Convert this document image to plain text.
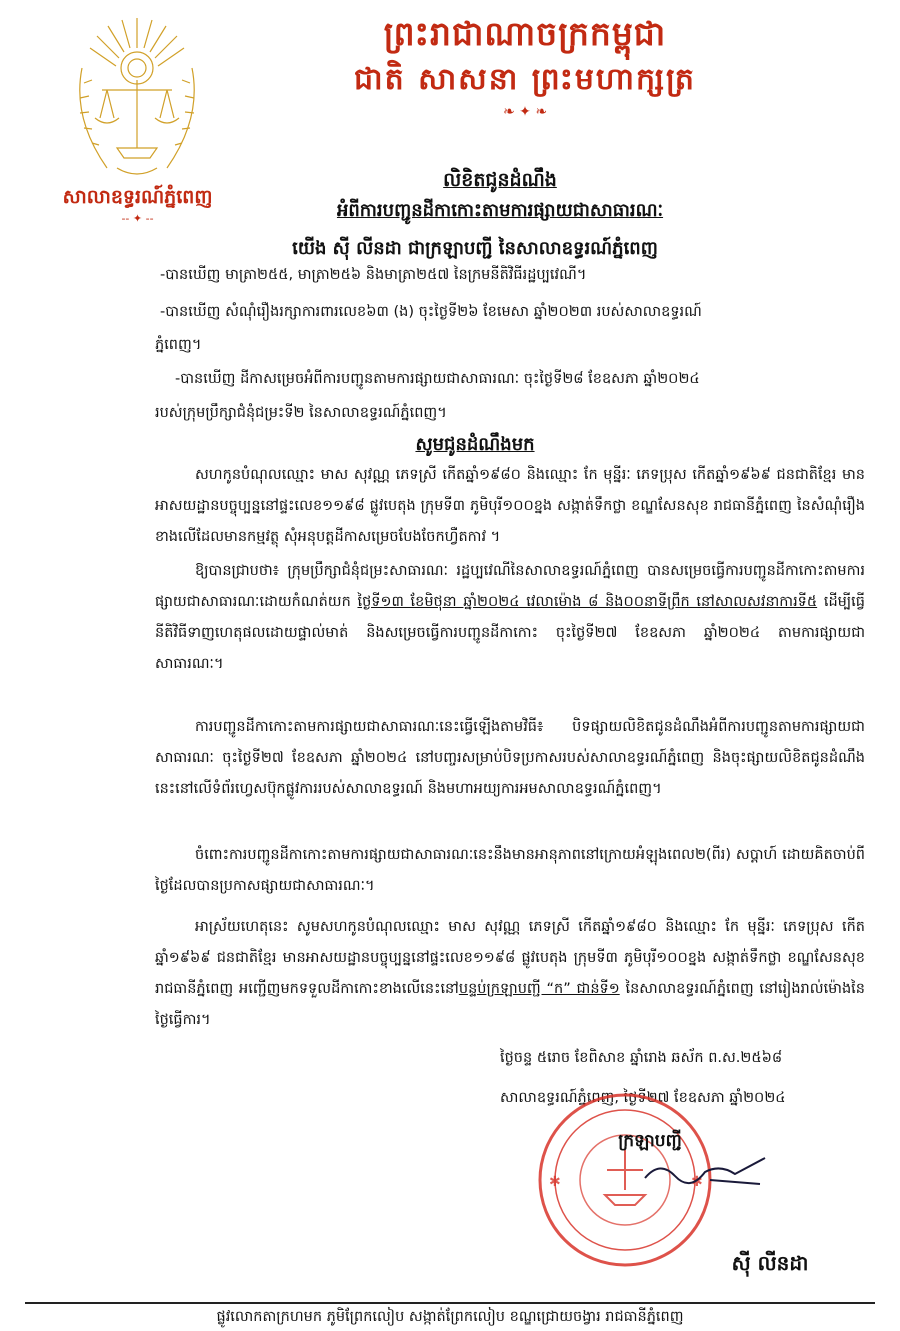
ព្រះរាជាណាចក្រកម្ពុជា
ជាតិ សាសនា ព្រះមហាក្សត្រ
❧ ✦ ❧
សាលាឧទ្ធរណ៍ភ្នំពេញ
-- ✦ --
លិខិតជូនដំណឹង
អំពីការបញ្ជូនដីកាកោះតាមការផ្សាយជាសាធារណៈ
យើង ស៊ី លីនដា ជាក្រឡាបញ្ជី នៃសាលាឧទ្ធរណ៍ភ្នំពេញ
-បានឃើញ មាត្រា២៥៥, មាត្រា២៥៦ និងមាត្រា២៥៧ នៃក្រមនីតិវិធីរដ្ឋប្បវេណី។
-បានឃើញ សំណុំរឿងរក្សាការពារលេខ៦៣ (ង) ចុះថ្ងៃទី២៦ ខែមេសា ឆ្នាំ២០២៣ របស់សាលាឧទ្ធរណ៍
ភ្នំពេញ។
-បានឃើញ ដីកាសម្រេចអំពីការបញ្ជូនតាមការផ្សាយជាសាធារណៈ ចុះថ្ងៃទី២៨ ខែឧសភា ឆ្នាំ២០២៤
របស់ក្រុមប្រឹក្សាជំនុំជម្រះទី២ នៃសាលាឧទ្ធរណ៍ភ្នំពេញ។
សូមជូនដំណឹងមក
សហកូនបំណុលឈ្មោះ មាស សុវណ្ណ ភេទស្រី កើតឆ្នាំ១៩៨០ និងឈ្មោះ កែ មុន្នីរៈ ភេទប្រុស កើតឆ្នាំ១៩៦៩ ជនជាតិខ្មែរ មានអាសយដ្ឋានបច្ចុប្បន្ននៅផ្ទះលេខ១១៩៨ ផ្លូវបេតុង ក្រុមទី៣ ភូមិបុរី១០០ខ្នង សង្កាត់ទឹកថ្លា ខណ្ឌសែនសុខ រាជធានីភ្នំពេញ នៃសំណុំរឿងខាងលើដែលមានកម្មវត្ថុ សុំអនុបត្តដីកាសម្រេចបែងចែកហ្វឺតកាវ ។
ឱ្យបានជ្រាបថា៖ ក្រុមប្រឹក្សាជំនុំជម្រះសាធារណៈ រដ្ឋប្បវេណីនៃសាលាឧទ្ធរណ៍ភ្នំពេញ បានសម្រេចធ្វើការបញ្ជូនដីកាកោះតាមការផ្សាយជាសាធារណៈដោយកំណត់យក ថ្ងៃទី១៣ ខែមិថុនា ឆ្នាំ២០២៤ វេលាម៉ោង ៨ និង០០នាទីព្រឹក នៅសាលសវនាការទី៥ ដើម្បីធ្វើនីតិវិធីទាញហេតុផលដោយផ្ទាល់មាត់ និងសម្រេចធ្វើការបញ្ជូនដីកាកោះ ចុះថ្ងៃទី២៧ ខែឧសភា ឆ្នាំ២០២៤ តាមការផ្សាយជាសាធារណៈ។
ការបញ្ជូនដីកាកោះតាមការផ្សាយជាសាធារណៈនេះធ្វើឡើងតាមវិធី៖ បិទផ្សាយលិខិតជូនដំណឹងអំពីការបញ្ជូនតាមការផ្សាយជាសាធារណៈ ចុះថ្ងៃទី២៧ ខែឧសភា ឆ្នាំ២០២៤ នៅបញ្ចរសម្រាប់បិទប្រកាសរបស់សាលាឧទ្ធរណ៍ភ្នំពេញ និងចុះផ្សាយលិខិតជូនដំណឹងនេះនៅលើទំព័រហ្វេសប៊ុកផ្លូវការរបស់សាលាឧទ្ធរណ៍ និងមហាអយ្យការអមសាលាឧទ្ធរណ៍ភ្នំពេញ។
ចំពោះការបញ្ជូនដីកាកោះតាមការផ្សាយជាសាធារណៈនេះនឹងមានអានុភាពនៅក្រោយអំឡុងពេល២(ពីរ) សប្តាហ៍ ដោយគិតចាប់ពីថ្ងៃដែលបានប្រកាសផ្សាយជាសាធារណៈ។
អាស្រ័យហេតុនេះ សូមសហកូនបំណុលឈ្មោះ មាស សុវណ្ណ ភេទស្រី កើតឆ្នាំ១៩៨០ និងឈ្មោះ កែ មុន្នីរៈ ភេទប្រុស កើតឆ្នាំ១៩៦៩ ជនជាតិខ្មែរ មានអាសយដ្ឋានបច្ចុប្បន្ននៅផ្ទះលេខ១១៩៨ ផ្លូវបេតុង ក្រុមទី៣ ភូមិបុរី១០០ខ្នង សង្កាត់ទឹកថ្លា ខណ្ឌសែនសុខ រាជធានីភ្នំពេញ អញ្ជើញមកទទួលដីកាកោះខាងលើនេះនៅបន្ទប់ក្រឡាបញ្ជី “ក” ជាន់ទី១ នៃសាលាឧទ្ធរណ៍ភ្នំពេញ នៅរៀងរាល់ម៉ោងនៃថ្ងៃធ្វើការ។
ថ្ងៃចន្ទ ៥រោច ខែពិសាខ ឆ្នាំរោង ឆស័ក ព.ស.២៥៦៨
សាលាឧទ្ធរណ៍ភ្នំពេញ, ថ្ងៃទី២៧ ខែឧសភា ឆ្នាំ២០២៤
✱	✱
ក្រឡាបញ្ជី
ស៊ី លីនដា
ផ្លូវលោកតាក្រហមក ភូមិព្រែកលៀប សង្កាត់ព្រែកលៀប ខណ្ឌជ្រោយចង្វារ រាជធានីភ្នំពេញ
